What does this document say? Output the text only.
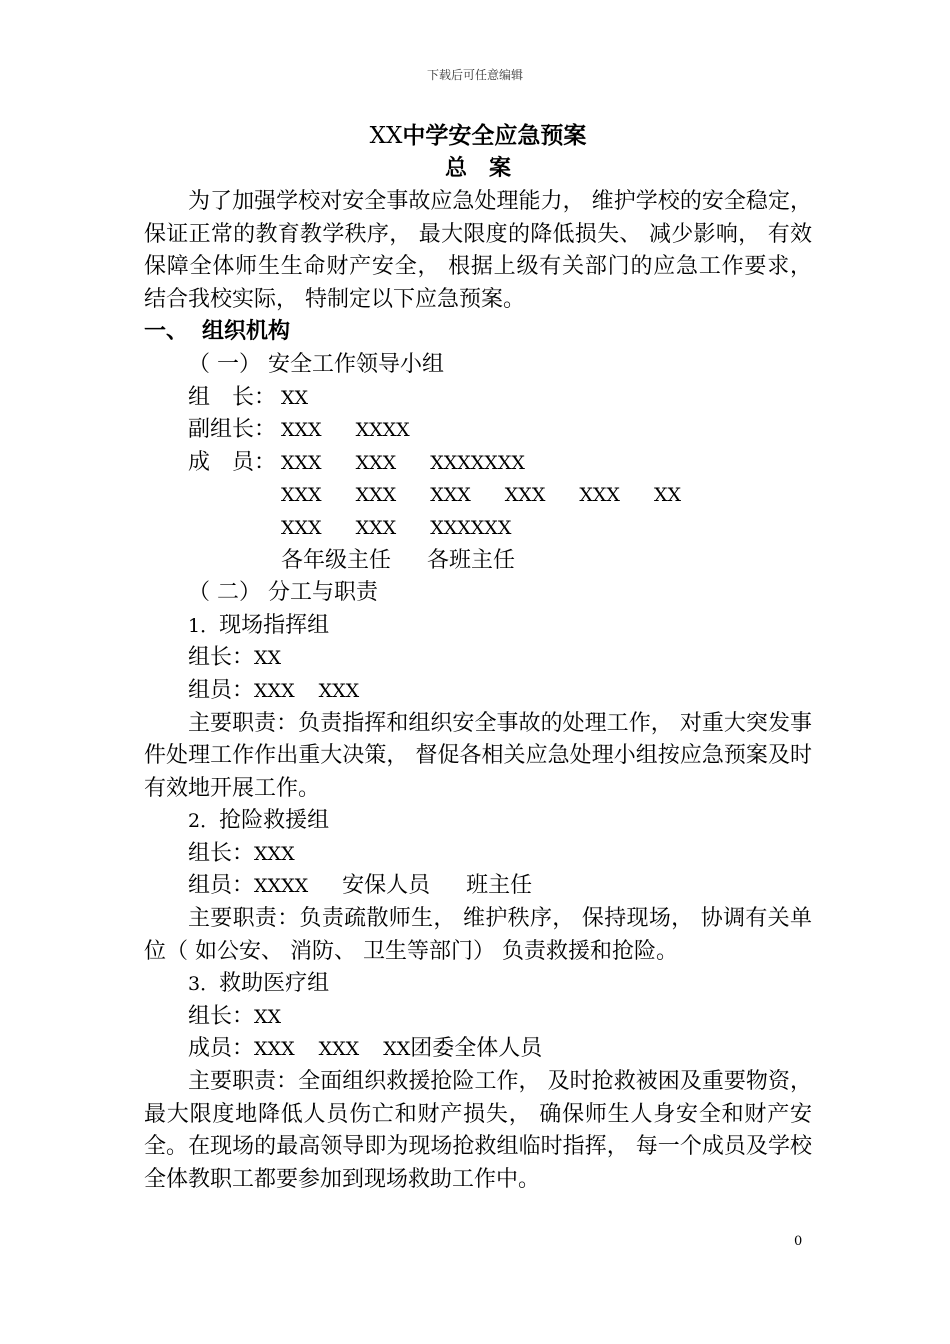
下载后可任意编辑
XX中学安全应急预案
总案

为了加强学校对安全事故应急处理能力， 维护学校的安全稳定，保证正常的教育教学秩序， 最大限度的降低损失、 减少影响， 有效保障全体师生生命财产安全， 根据上级有关部门的应急工作要求， 结合我校实际， 特制定以下应急预案。

一、 组织机构
（ 一） 安全工作领导小组
组　长： XX
副组长： XXX XXXX
成　员： XXX XXX XXXXXXX
XXX XXX XXX XXX XXX XX
XXX XXX XXXXXX
各年级主任 各班主任
（ 二） 分工与职责
1．现场指挥组
组长：XX
组员：XXX XXX

主要职责：负责指挥和组织安全事故的处理工作， 对重大突发事件处理工作作出重大决策， 督促各相关应急处理小组按应急预案及时有效地开展工作。

2．抢险救援组
组长：XXX
组员：XXXX 安保人员 班主任

主要职责：负责疏散师生， 维护秩序， 保持现场， 协调有关单位（ 如公安、 消防、 卫生等部门） 负责救援和抢险。

3．救助医疗组
组长：XX
成员：XXX XXX XX团委全体人员

主要职责：全面组织救援抢险工作， 及时抢救被困及重要物资， 最大限度地降低人员伤亡和财产损失， 确保师生人身安全和财产安全。在现场的最高领导即为现场抢救组临时指挥， 每一个成员及学校全体教职工都要参加到现场救助工作中。

0
